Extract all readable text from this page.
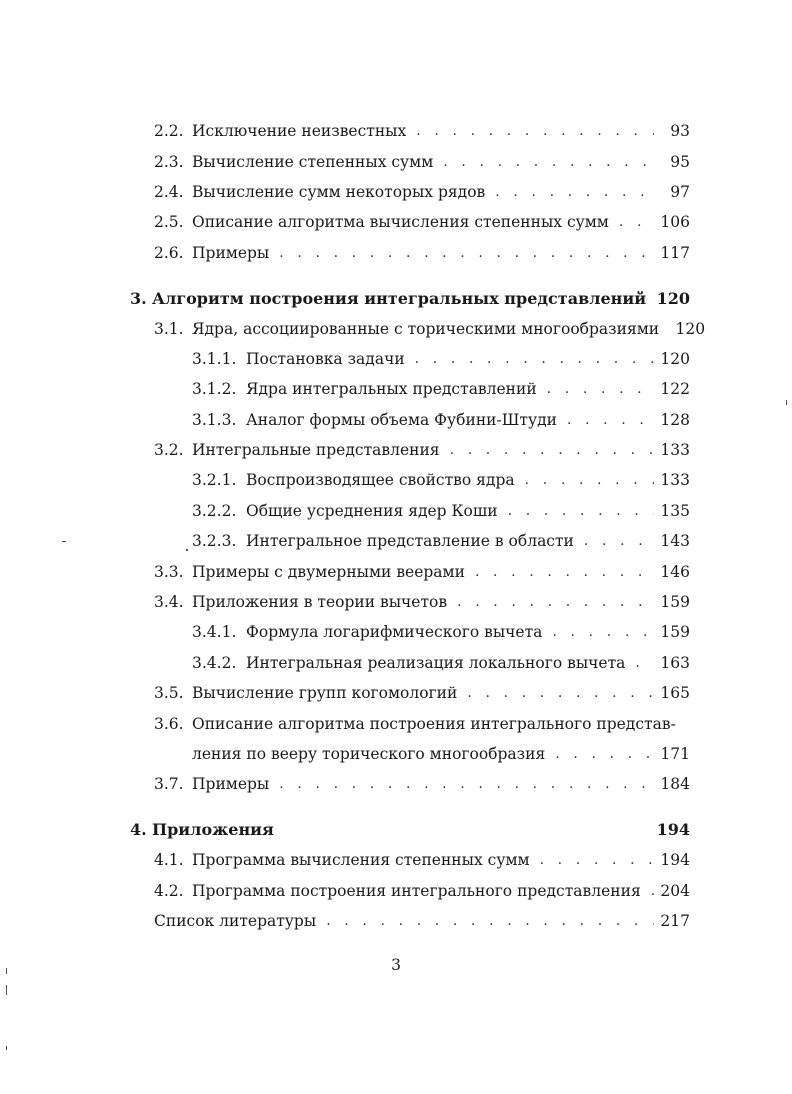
2.2. Исключение неизвестных . . .	93
2.3. Вычисление степенных сумм . . .	95
2.4. Вычисление сумм некоторых рядов . . .	97
2.5. Описание алгоритма вычисления степенных сумм . . .	106
2.6. Примеры . . .	117
3. Алгоритм построения интегральных представлений 120
3.1. Ядра, ассоциированные с торическими многообразиями 120
3.1.1. Постановка задачи . . .	120
3.1.2. Ядра интегральных представлений . . .	122
3.1.3. Аналог формы объема Фубини-Штуди . . .	128
3.2. Интегральные представления . . .	133
3.2.1. Воспроизводящее свойство ядра . . .	133
3.2.2. Общие усреднения ядер Коши . . .	135
3.2.3. Интегральное представление в области . . .	143
3.3. Примеры с двумерными веерами . . .	146
3.4. Приложения в теории вычетов . . .	159
3.4.1. Формула логарифмического вычета . . .	159
3.4.2. Интегральная реализация локального вычета . . . 163
3.5. Вычисление групп когомологий . . .	165
3.6. Описание алгоритма построения интегрального представ-
ления по вееру торического многообразия . . .	171
3.7. Примеры . . .	184
4. Приложения	194
4.1. Программа вычисления степенных сумм . . .	194
4.2. Программа построения интегрального представления . . . 204
Список литературы . . .	217
3
